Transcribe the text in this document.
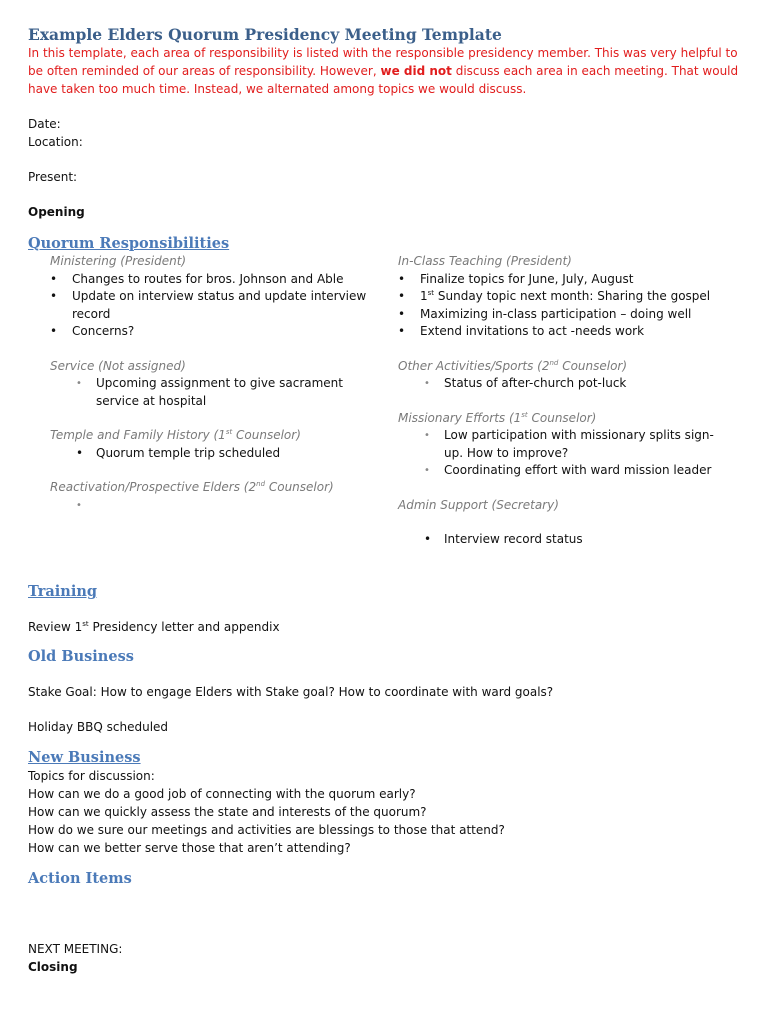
Example Elders Quorum Presidency Meeting Template

In this template, each area of responsibility is listed with the responsible presidency member. This was very helpful to be often reminded of our areas of responsibility. However, we did not discuss each area in each meeting. That would have taken too much time. Instead, we alternated among topics we would discuss.

Date:

Location:

Present:

Opening

Quorum Responsibilities

Ministering (President)

• Changes to routes for bros. Johnson and Able
• Update on interview status and update interview record
• Concerns?

Service (Not assigned)

• Upcoming assignment to give sacrament service at hospital

Temple and Family History (1st Counselor)

• Quorum temple trip scheduled

Reactivation/Prospective Elders (2nd Counselor)

•

In-Class Teaching (President)

• Finalize topics for June, July, August
• 1st Sunday topic next month: Sharing the gospel
• Maximizing in-class participation – doing well
• Extend invitations to act -needs work

Other Activities/Sports (2nd Counselor)

• Status of after-church pot-luck

Missionary Efforts (1st Counselor)

• Low participation with missionary splits sign-up. How to improve?
• Coordinating effort with ward mission leader

Admin Support (Secretary)

• Interview record status
Training

Review 1st Presidency letter and appendix

Old Business

Stake Goal: How to engage Elders with Stake goal? How to coordinate with ward goals?

Holiday BBQ scheduled

New Business

Topics for discussion:

How can we do a good job of connecting with the quorum early?

How can we quickly assess the state and interests of the quorum?

How do we sure our meetings and activities are blessings to those that attend?

How can we better serve those that aren’t attending?

Action Items

NEXT MEETING:

Closing
